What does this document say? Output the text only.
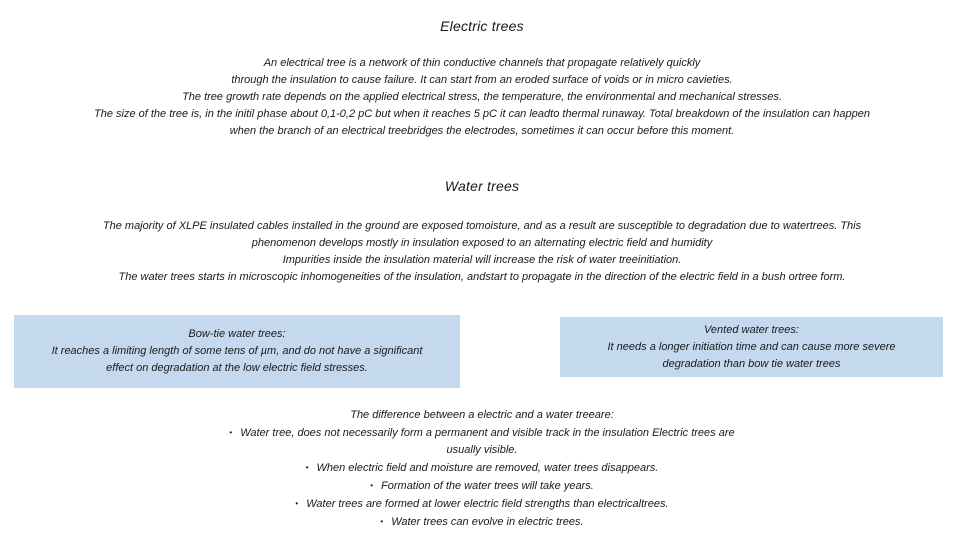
Electric trees
An electrical tree is a network of thin conductive channels that propagate relatively quickly
through the insulation to cause failure. It can start from an eroded surface of voids or in micro cavieties.
The tree growth rate depends on the applied electrical stress, the temperature, the environmental and mechanical stresses.
The size of the tree is, in the initil phase about 0,1-0,2 pC but when it reaches 5 pC it can leadto thermal runaway. Total breakdown of the insulation can happen
when the branch of an electrical treebridges the electrodes, sometimes it can occur before this moment.
Water trees
The majority of XLPE insulated cables installed in the ground are exposed tomoisture, and as a result are susceptible to degradation due to watertrees. This
phenomenon develops mostly in insulation exposed to an alternating electric field and humidity
Impurities inside the insulation material will increase the risk of water treeinitiation.
The water trees starts in microscopic inhomogeneities of the insulation, andstart to propagate in the direction of the electric field in a bush ortree form.
Bow-tie water trees:
It reaches a limiting length of some tens of µm, and do not have a significant
effect on degradation at the low electric field stresses.
Vented water trees:
It needs a longer initiation time and can cause more severe
degradation than bow tie water trees
The difference between a electric and a water treeare:
• Water tree, does not necessarily form a permanent and visible track in the insulation Electric trees are
usually visible.
• When electric field and moisture are removed, water trees disappears.
• Formation of the water trees will take years.
• Water trees are formed at lower electric field strengths than electricaltrees.
• Water trees can evolve in electric trees.
